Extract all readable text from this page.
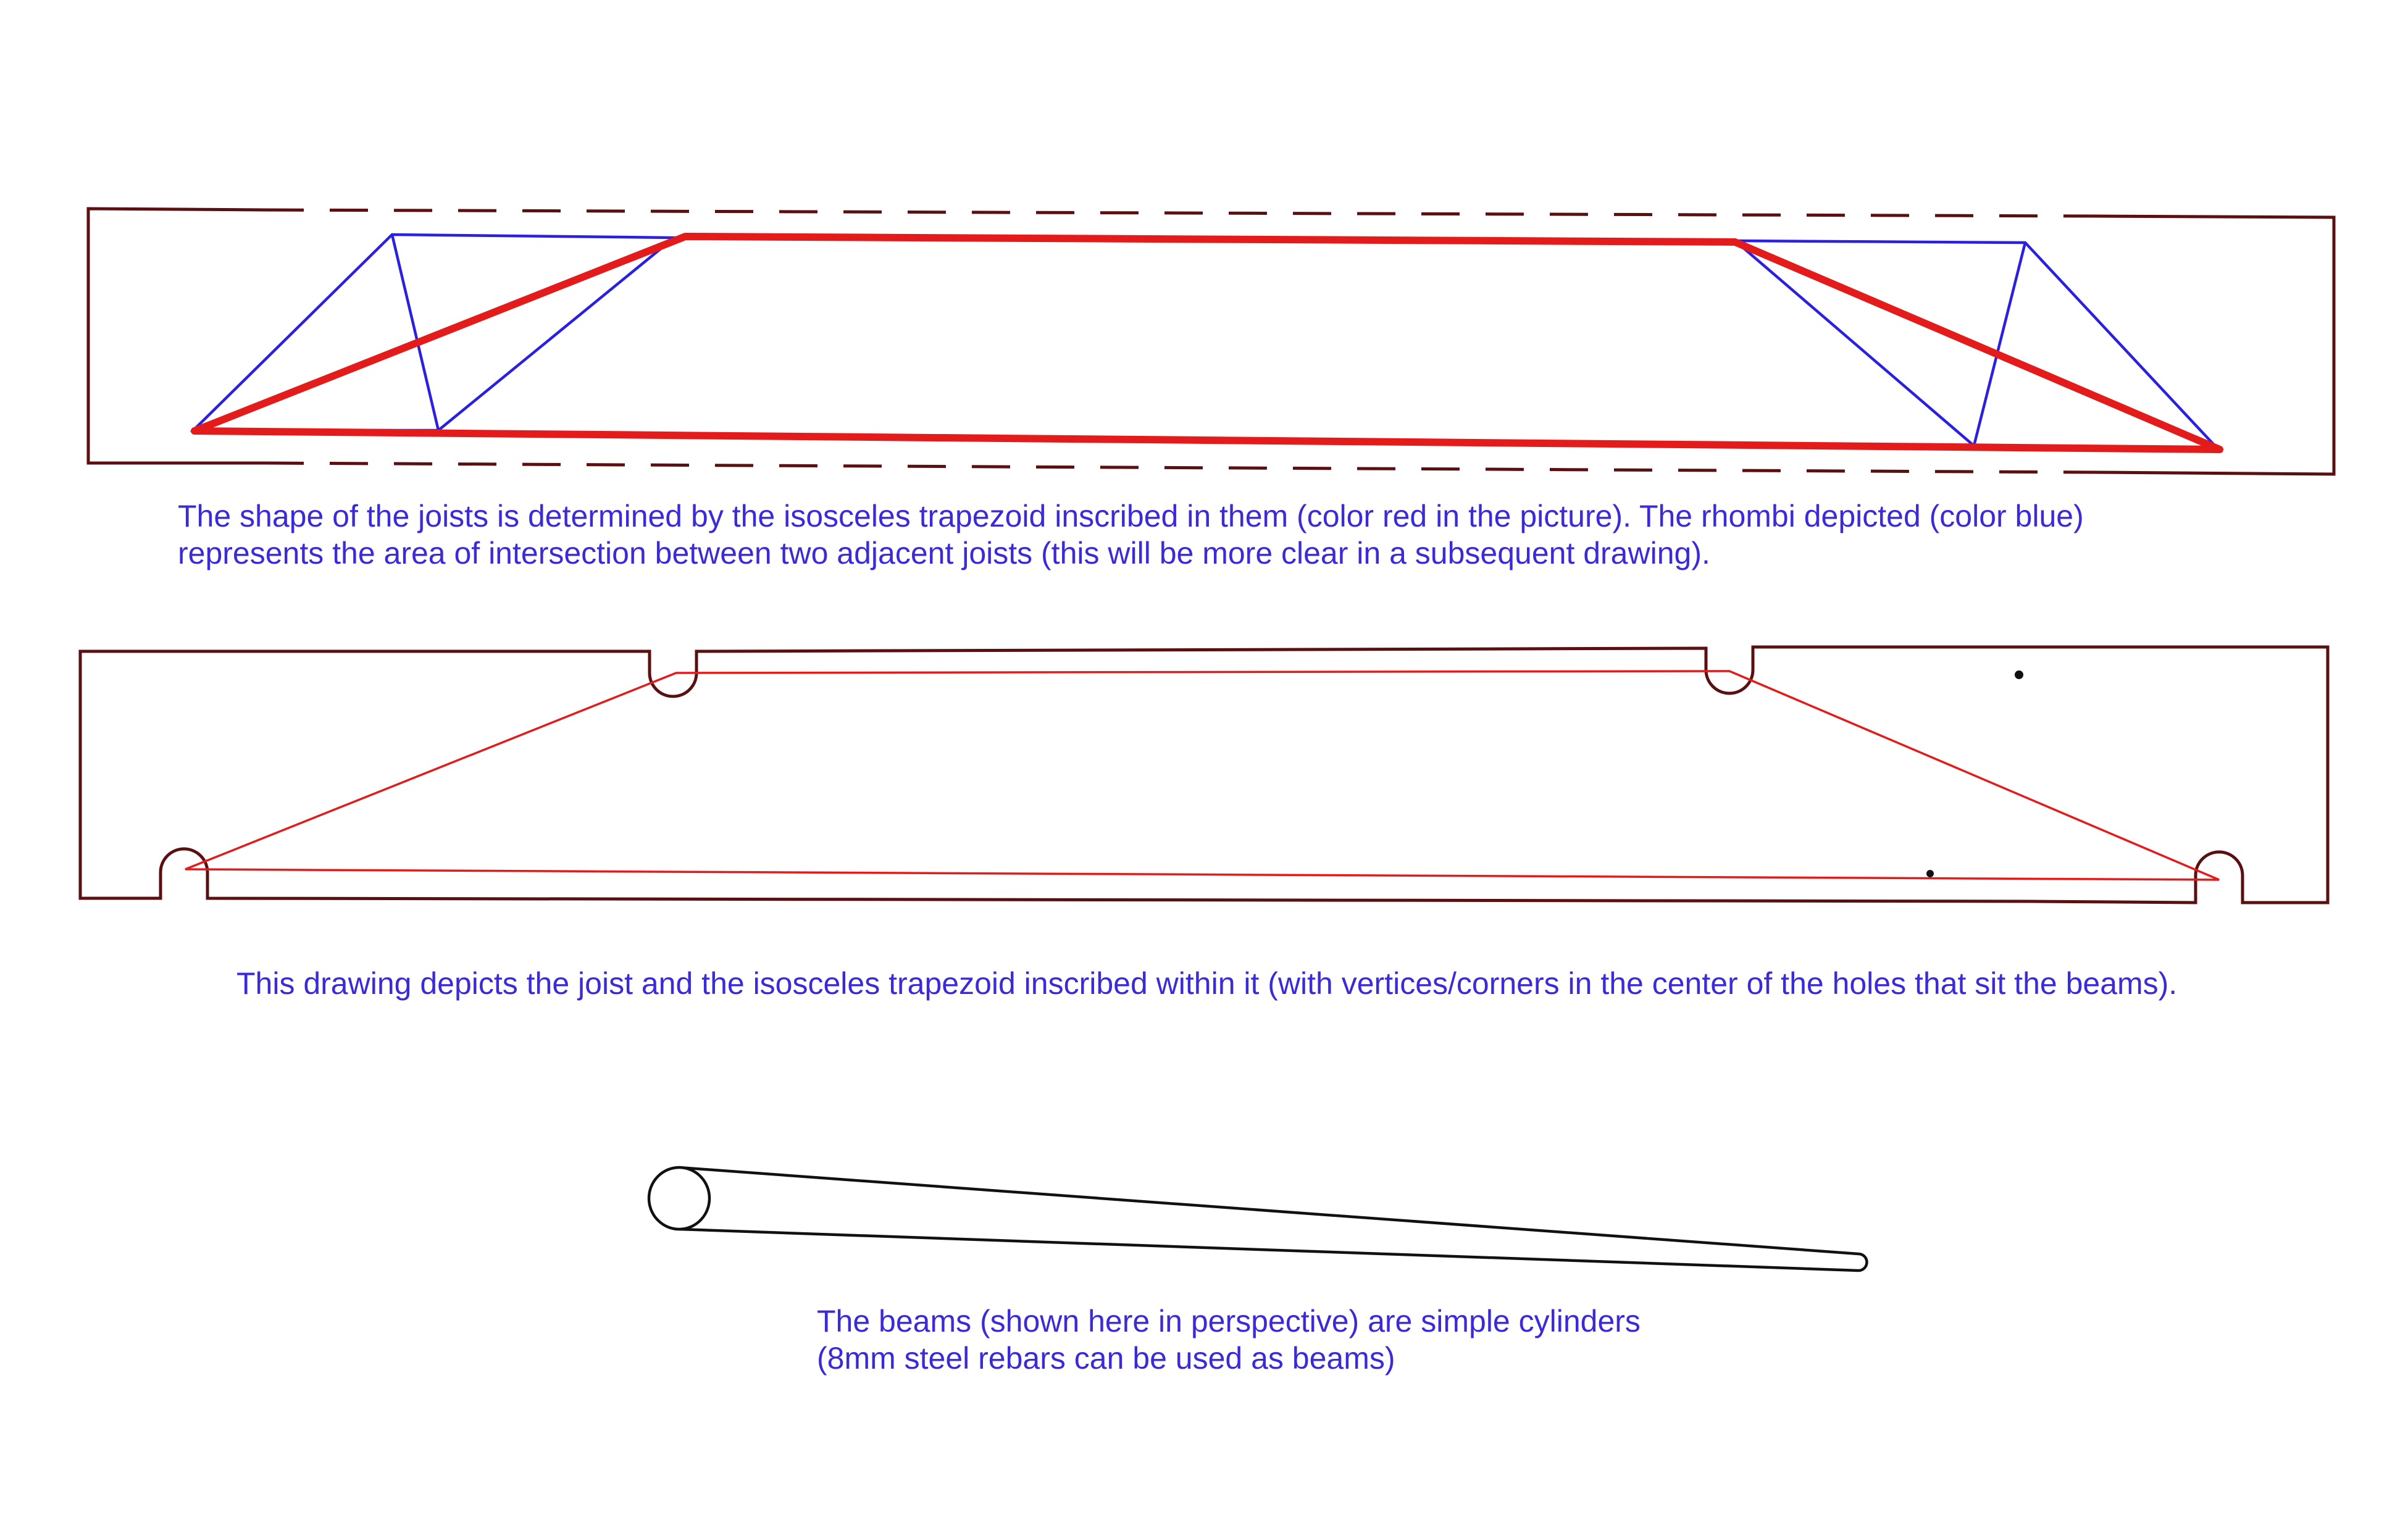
The shape of the joists is determined by the isosceles trapezoid inscribed in them (color red in the picture). The rhombi depicted (color blue)
represents the area of intersection between two adjacent joists (this will be more clear in a subsequent drawing).

This drawing depicts the joist and the isosceles trapezoid inscribed within it (with vertices/corners in the center of the holes that sit the beams).

The beams (shown here in perspective) are simple cylinders
(8mm steel rebars can be used as beams)
